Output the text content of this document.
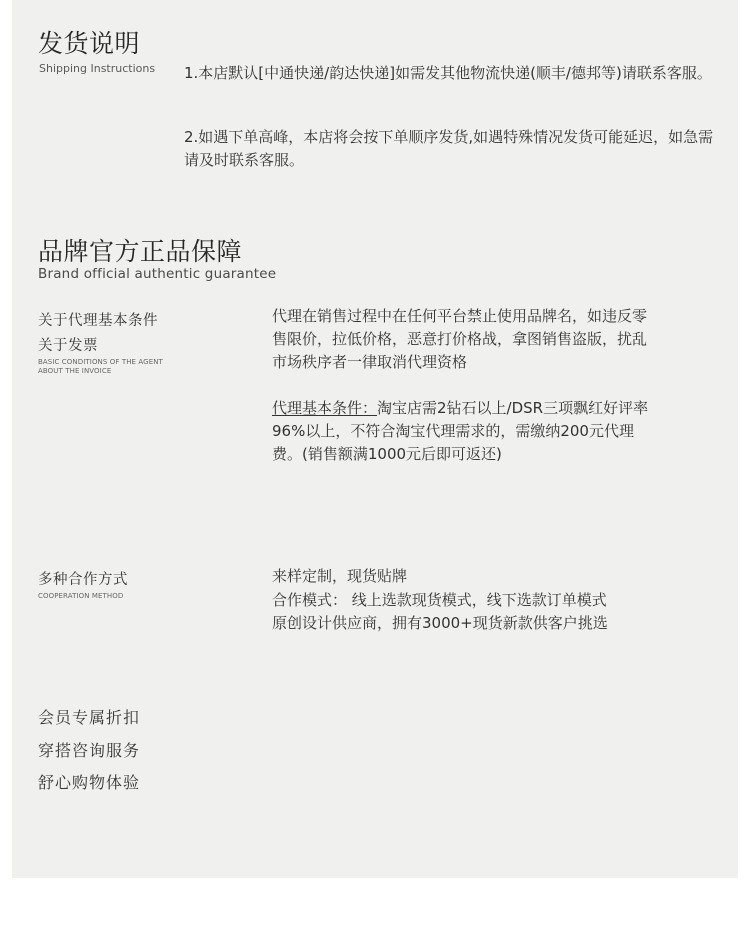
发货说明
Shipping Instructions 1.本店默认[中通快递/韵达快递]如需发其他物流快递(顺丰/德邦等)请联系客服。
2.如遇下单高峰，本店将会按下单顺序发货,如遇特殊情况发货可能延迟，如急需请及时联系客服。
品牌官方正品保障
Brand official authentic guarantee
关于代理基本条件
关于发票
BASIC CONDITIONS OF THE AGENT
ABOUT THE INVOICE
代理在销售过程中在任何平台禁止使用品牌名，如违反零售限价，拉低价格，恶意打价格战，拿图销售盗版，扰乱市场秩序者一律取消代理资格
代理基本条件：淘宝店需2钻石以上/DSR三项飘红好评率96%以上，不符合淘宝代理需求的，需缴纳200元代理费。(销售额满1000元后即可返还)
多种合作方式
COOPERATION METHOD
来样定制，现货贴牌
合作模式： 线上选款现货模式，线下选款订单模式
原创设计供应商，拥有3000+现货新款供客户挑选
会员专属折扣
穿搭咨询服务
舒心购物体验
